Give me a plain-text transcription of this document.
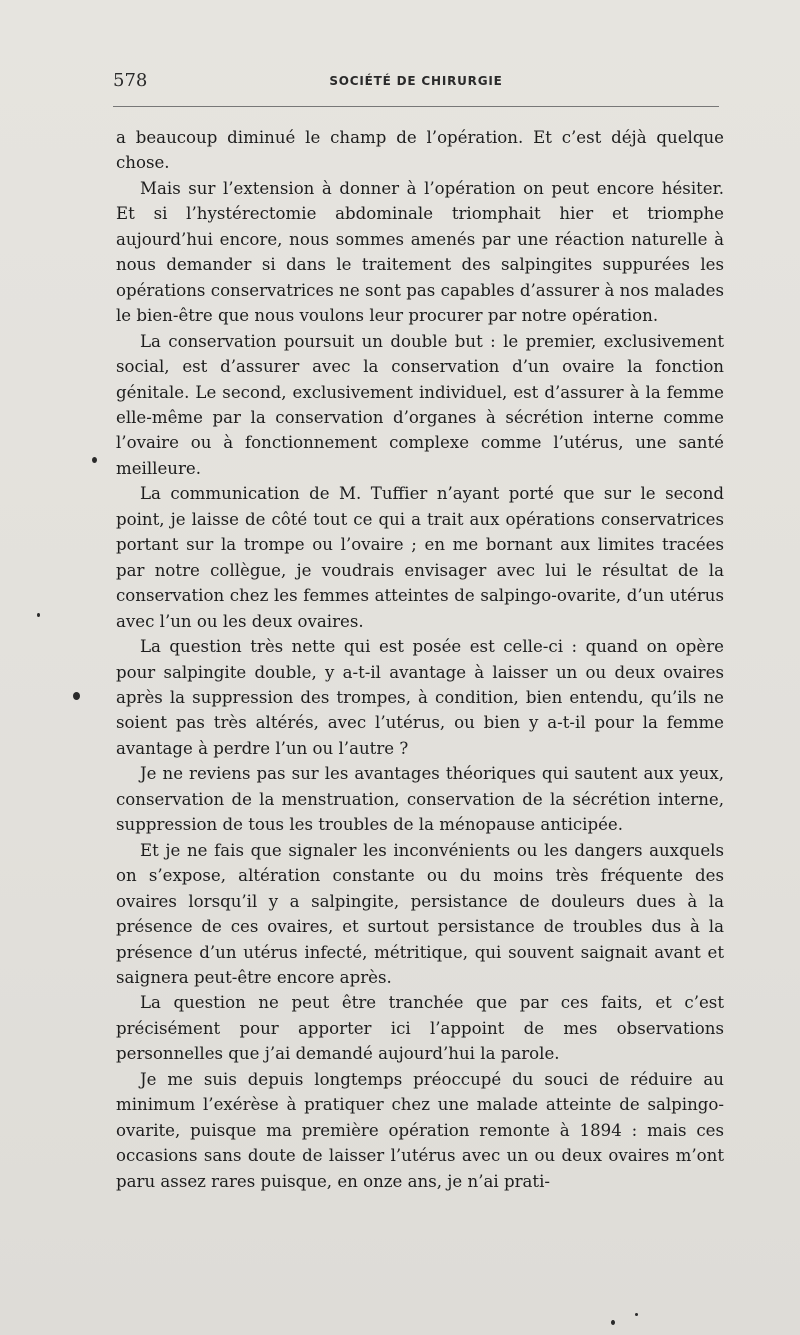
578	SOCIÉTÉ DE CHIRURGIE

a beaucoup diminué le champ de l’opération. Et c’est déjà quelque chose.

Mais sur l’extension à donner à l’opération on peut encore hésiter. Et si l’hystérectomie abdominale triomphait hier et triomphe aujourd’hui encore, nous sommes amenés par une réaction naturelle à nous demander si dans le traitement des salpingites suppurées les opérations conservatrices ne sont pas capables d’assurer à nos malades le bien-être que nous voulons leur procurer par notre opération.

La conservation poursuit un double but : le premier, exclusivement social, est d’assurer avec la conservation d’un ovaire la fonction génitale. Le second, exclusivement individuel, est d’assurer à la femme elle-même par la conservation d’organes à sécrétion interne comme l’ovaire ou à fonctionnement complexe comme l’utérus, une santé meilleure.

La communication de M. Tuffier n’ayant porté que sur le second point, je laisse de côté tout ce qui a trait aux opérations conservatrices portant sur la trompe ou l’ovaire ; en me bornant aux limites tracées par notre collègue, je voudrais envisager avec lui le résultat de la conservation chez les femmes atteintes de salpingo-ovarite, d’un utérus avec l’un ou les deux ovaires.

La question très nette qui est posée est celle-ci : quand on opère pour salpingite double, y a-t-il avantage à laisser un ou deux ovaires après la suppression des trompes, à condition, bien entendu, qu’ils ne soient pas très altérés, avec l’utérus, ou bien y a-t-il pour la femme avantage à perdre l’un ou l’autre ?

Je ne reviens pas sur les avantages théoriques qui sautent aux yeux, conservation de la menstruation, conservation de la sécrétion interne, suppression de tous les troubles de la ménopause anticipée.

Et je ne fais que signaler les inconvénients ou les dangers auxquels on s’expose, altération constante ou du moins très fréquente des ovaires lorsqu’il y a salpingite, persistance de douleurs dues à la présence de ces ovaires, et surtout persistance de troubles dus à la présence d’un utérus infecté, métritique, qui souvent saignait avant et saignera peut-être encore après.

La question ne peut être tranchée que par ces faits, et c’est précisément pour apporter ici l’appoint de mes observations personnelles que j’ai demandé aujourd’hui la parole.

Je me suis depuis longtemps préoccupé du souci de réduire au minimum l’exérèse à pratiquer chez une malade atteinte de salpingo-ovarite, puisque ma première opération remonte à 1894 : mais ces occasions sans doute de laisser l’utérus avec un ou deux ovaires m’ont paru assez rares puisque, en onze ans, je n’ai prati-
